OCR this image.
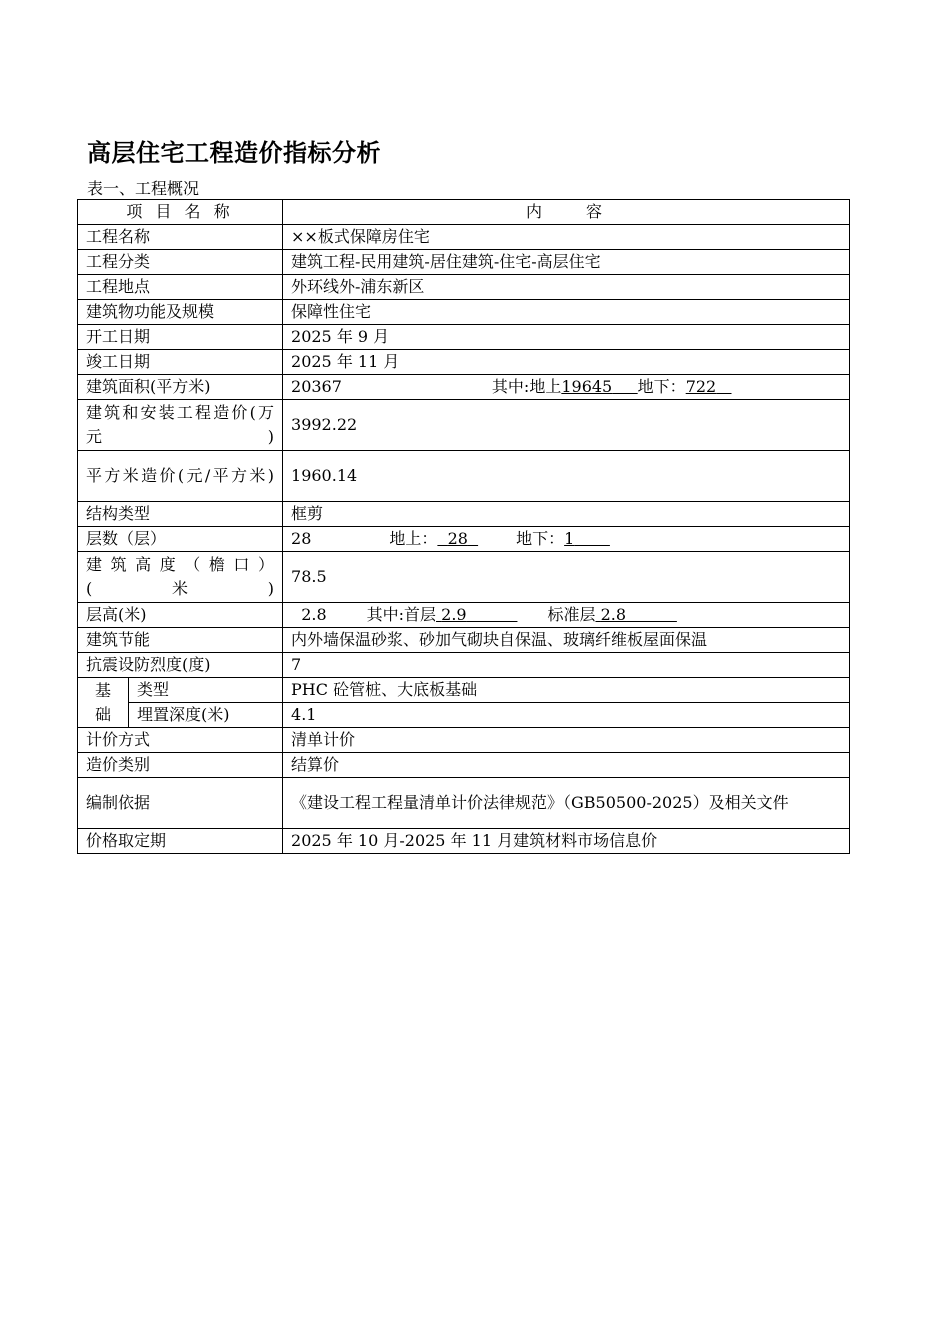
高层住宅工程造价指标分析
表一、工程概况
项 目 名 称		内　　容
工程名称		××板式保障房住宅
工程分类		建筑工程-民用建筑-居住建筑-住宅-高层住宅
工程地点		外环线外-浦东新区
建筑物功能及规模		保障性住宅
开工日期		2025 年 9 月
竣工日期		2025 年 11 月
建筑面积(平方米)		20367 其中:地上19645 地下：722
建筑和安装工程造价(万元)		3992.22
平方米造价(元/平方米)		1960.14
结构类型		框剪
层数（层）		28 地上： 28 地下：1
建 筑 高 度 （ 檐 口 ）(米)		78.5
层高(米)		2.8 其中:首层 2.9 标准层 2.8
建筑节能		内外墙保温砂浆、砂加气砌块自保温、玻璃纤维板屋面保温
抗震设防烈度(度)		7
基 础	类型	PHC 砼管桩、大底板基础
	埋置深度(米)	4.1
计价方式		清单计价
造价类别		结算价
编制依据		《建设工程工程量清单计价法律规范》（GB50500-2025）及相关文件
价格取定期		2025 年 10 月-2025 年 11 月建筑材料市场信息价
